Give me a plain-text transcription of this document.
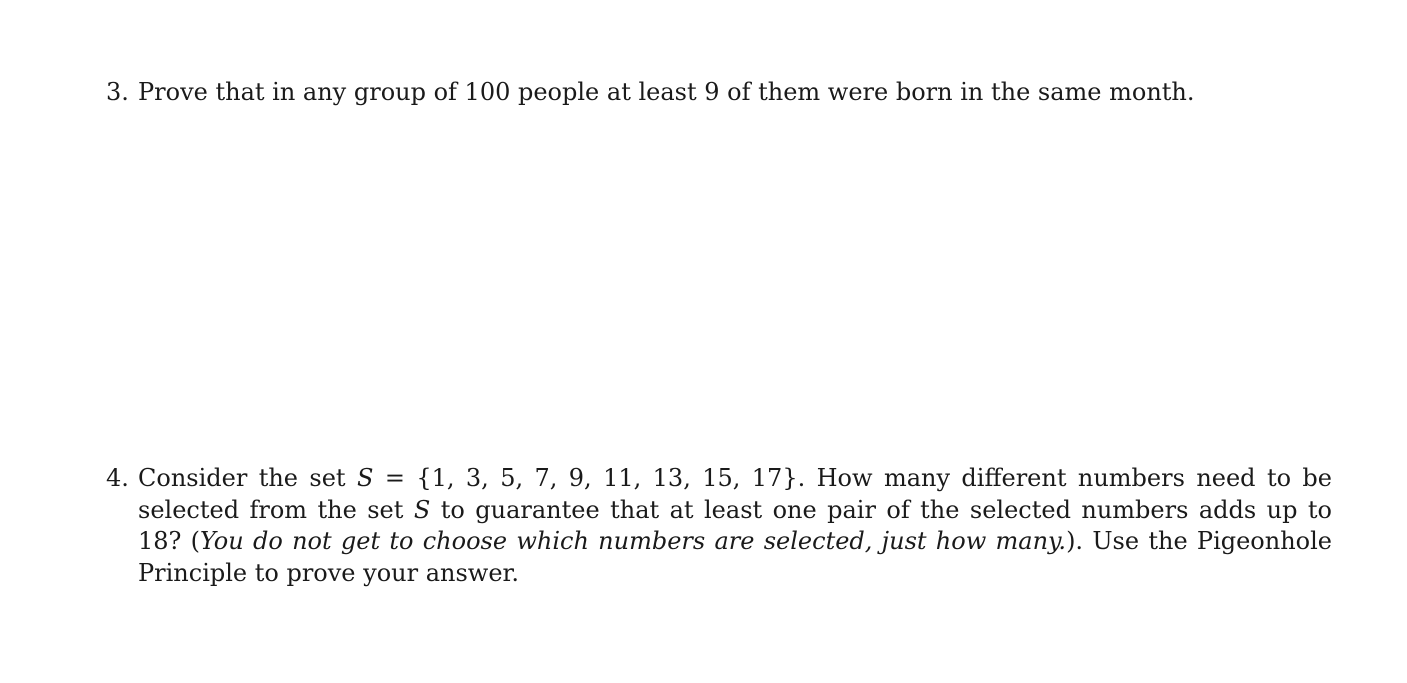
3. Prove that in any group of 100 people at least 9 of them were born in the same month.
4. Consider the set S = {1, 3, 5, 7, 9, 11, 13, 15, 17}. How many different numbers need to be selected from the set S to guarantee that at least one pair of the selected numbers adds up to 18? (You do not get to choose which numbers are selected, just how many.). Use the Pigeonhole Principle to prove your answer.
